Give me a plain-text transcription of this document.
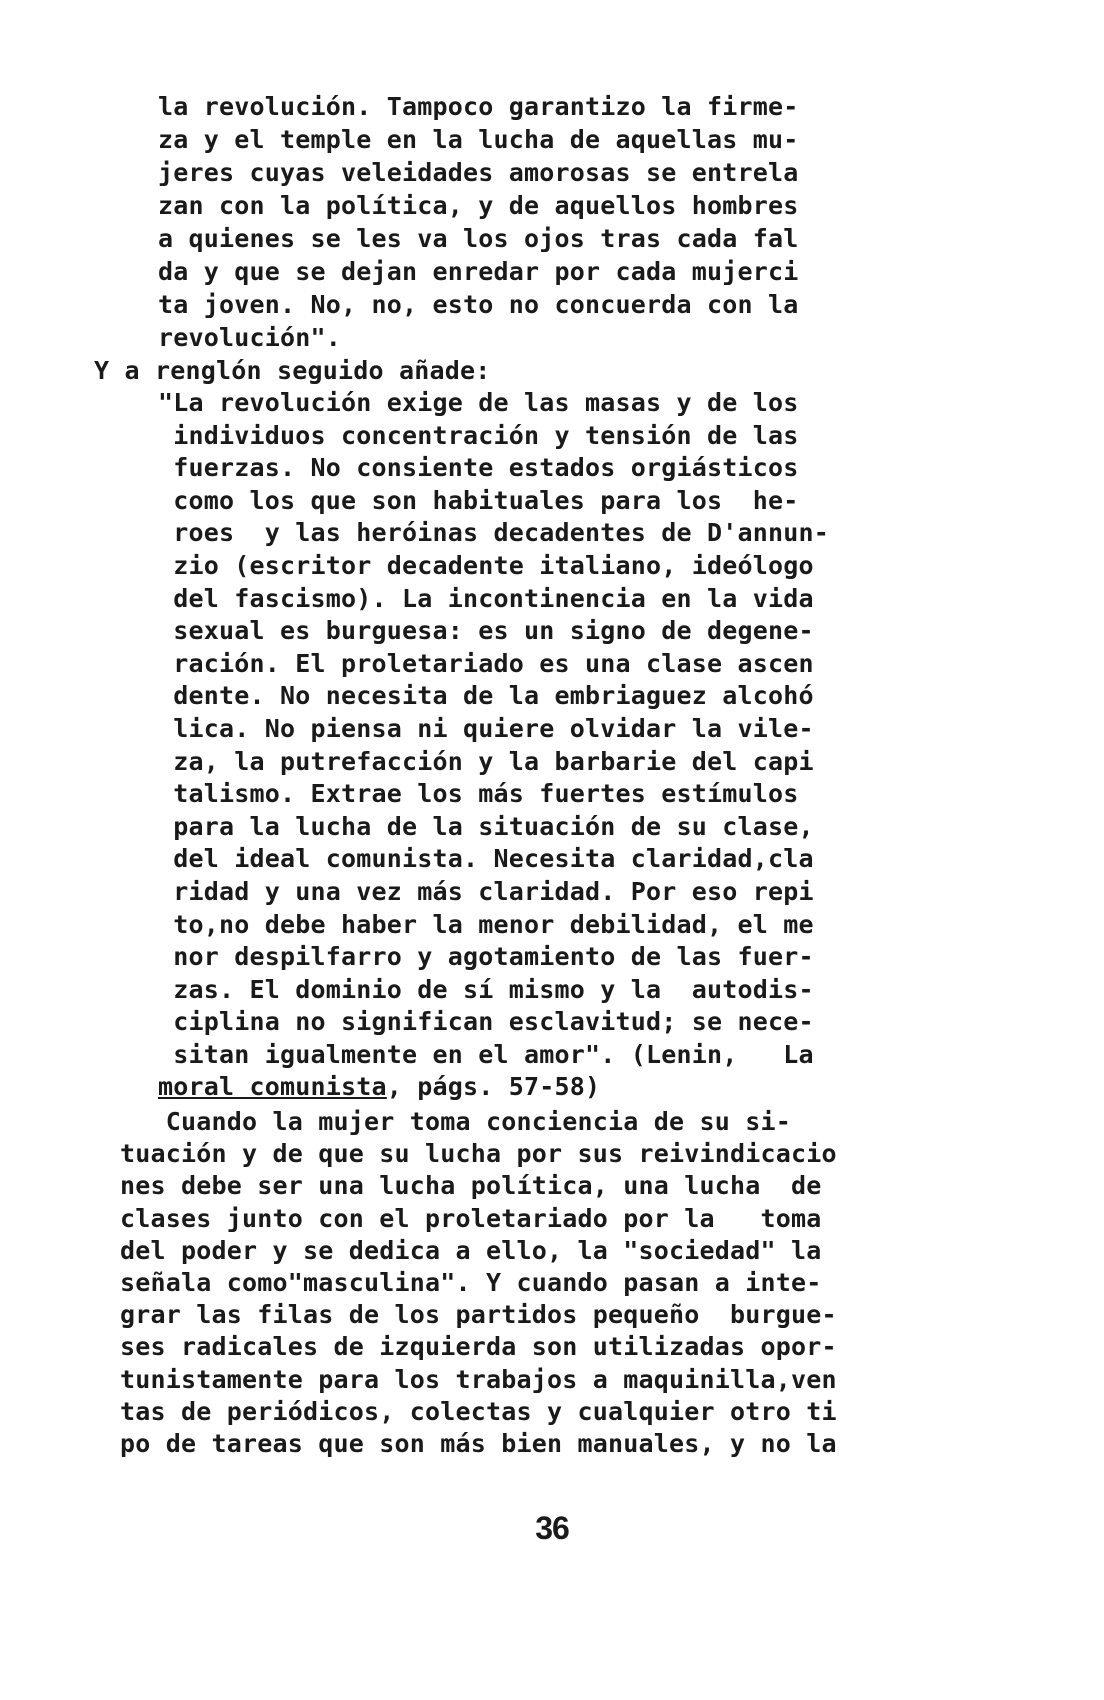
la revolución. Tampoco garantizo la firme-
za y el temple en la lucha de aquellas mu-
jeres cuyas veleidades amorosas se entrela
zan con la política, y de aquellos hombres
a quienes se les va los ojos tras cada fal
da y que se dejan enredar por cada mujerci
ta joven. No, no, esto no concuerda con la
revolución".
Y a renglón seguido añade:
"La revolución exige de las masas y de los
individuos concentración y tensión de las
fuerzas. No consiente estados orgiásticos
como los que son habituales para los  he-
roes  y las heróinas decadentes de D'annun-
zio (escritor decadente italiano, ideólogo
del fascismo). La incontinencia en la vida
sexual es burguesa: es un signo de degene-
ración. El proletariado es una clase ascen
dente. No necesita de la embriaguez alcohó
lica. No piensa ni quiere olvidar la vile-
za, la putrefacción y la barbarie del capi
talismo. Extrae los más fuertes estímulos
para la lucha de la situación de su clase,
del ideal comunista. Necesita claridad,cla
ridad y una vez más claridad. Por eso repi
to,no debe haber la menor debilidad, el me
nor despilfarro y agotamiento de las fuer-
zas. El dominio de sí mismo y la  autodis-
ciplina no significan esclavitud; se nece-
sitan igualmente en el amor". (Lenin,   La
moral comunista, págs. 57-58)
Cuando la mujer toma conciencia de su si-
tuación y de que su lucha por sus reivindicacio
nes debe ser una lucha política, una lucha  de
clases junto con el proletariado por la   toma
del poder y se dedica a ello, la "sociedad" la
señala como"masculina". Y cuando pasan a inte-
grar las filas de los partidos pequeño  burgue-
ses radicales de izquierda son utilizadas opor-
tunistamente para los trabajos a maquinilla,ven
tas de periódicos, colectas y cualquier otro ti
po de tareas que son más bien manuales, y no la
36
